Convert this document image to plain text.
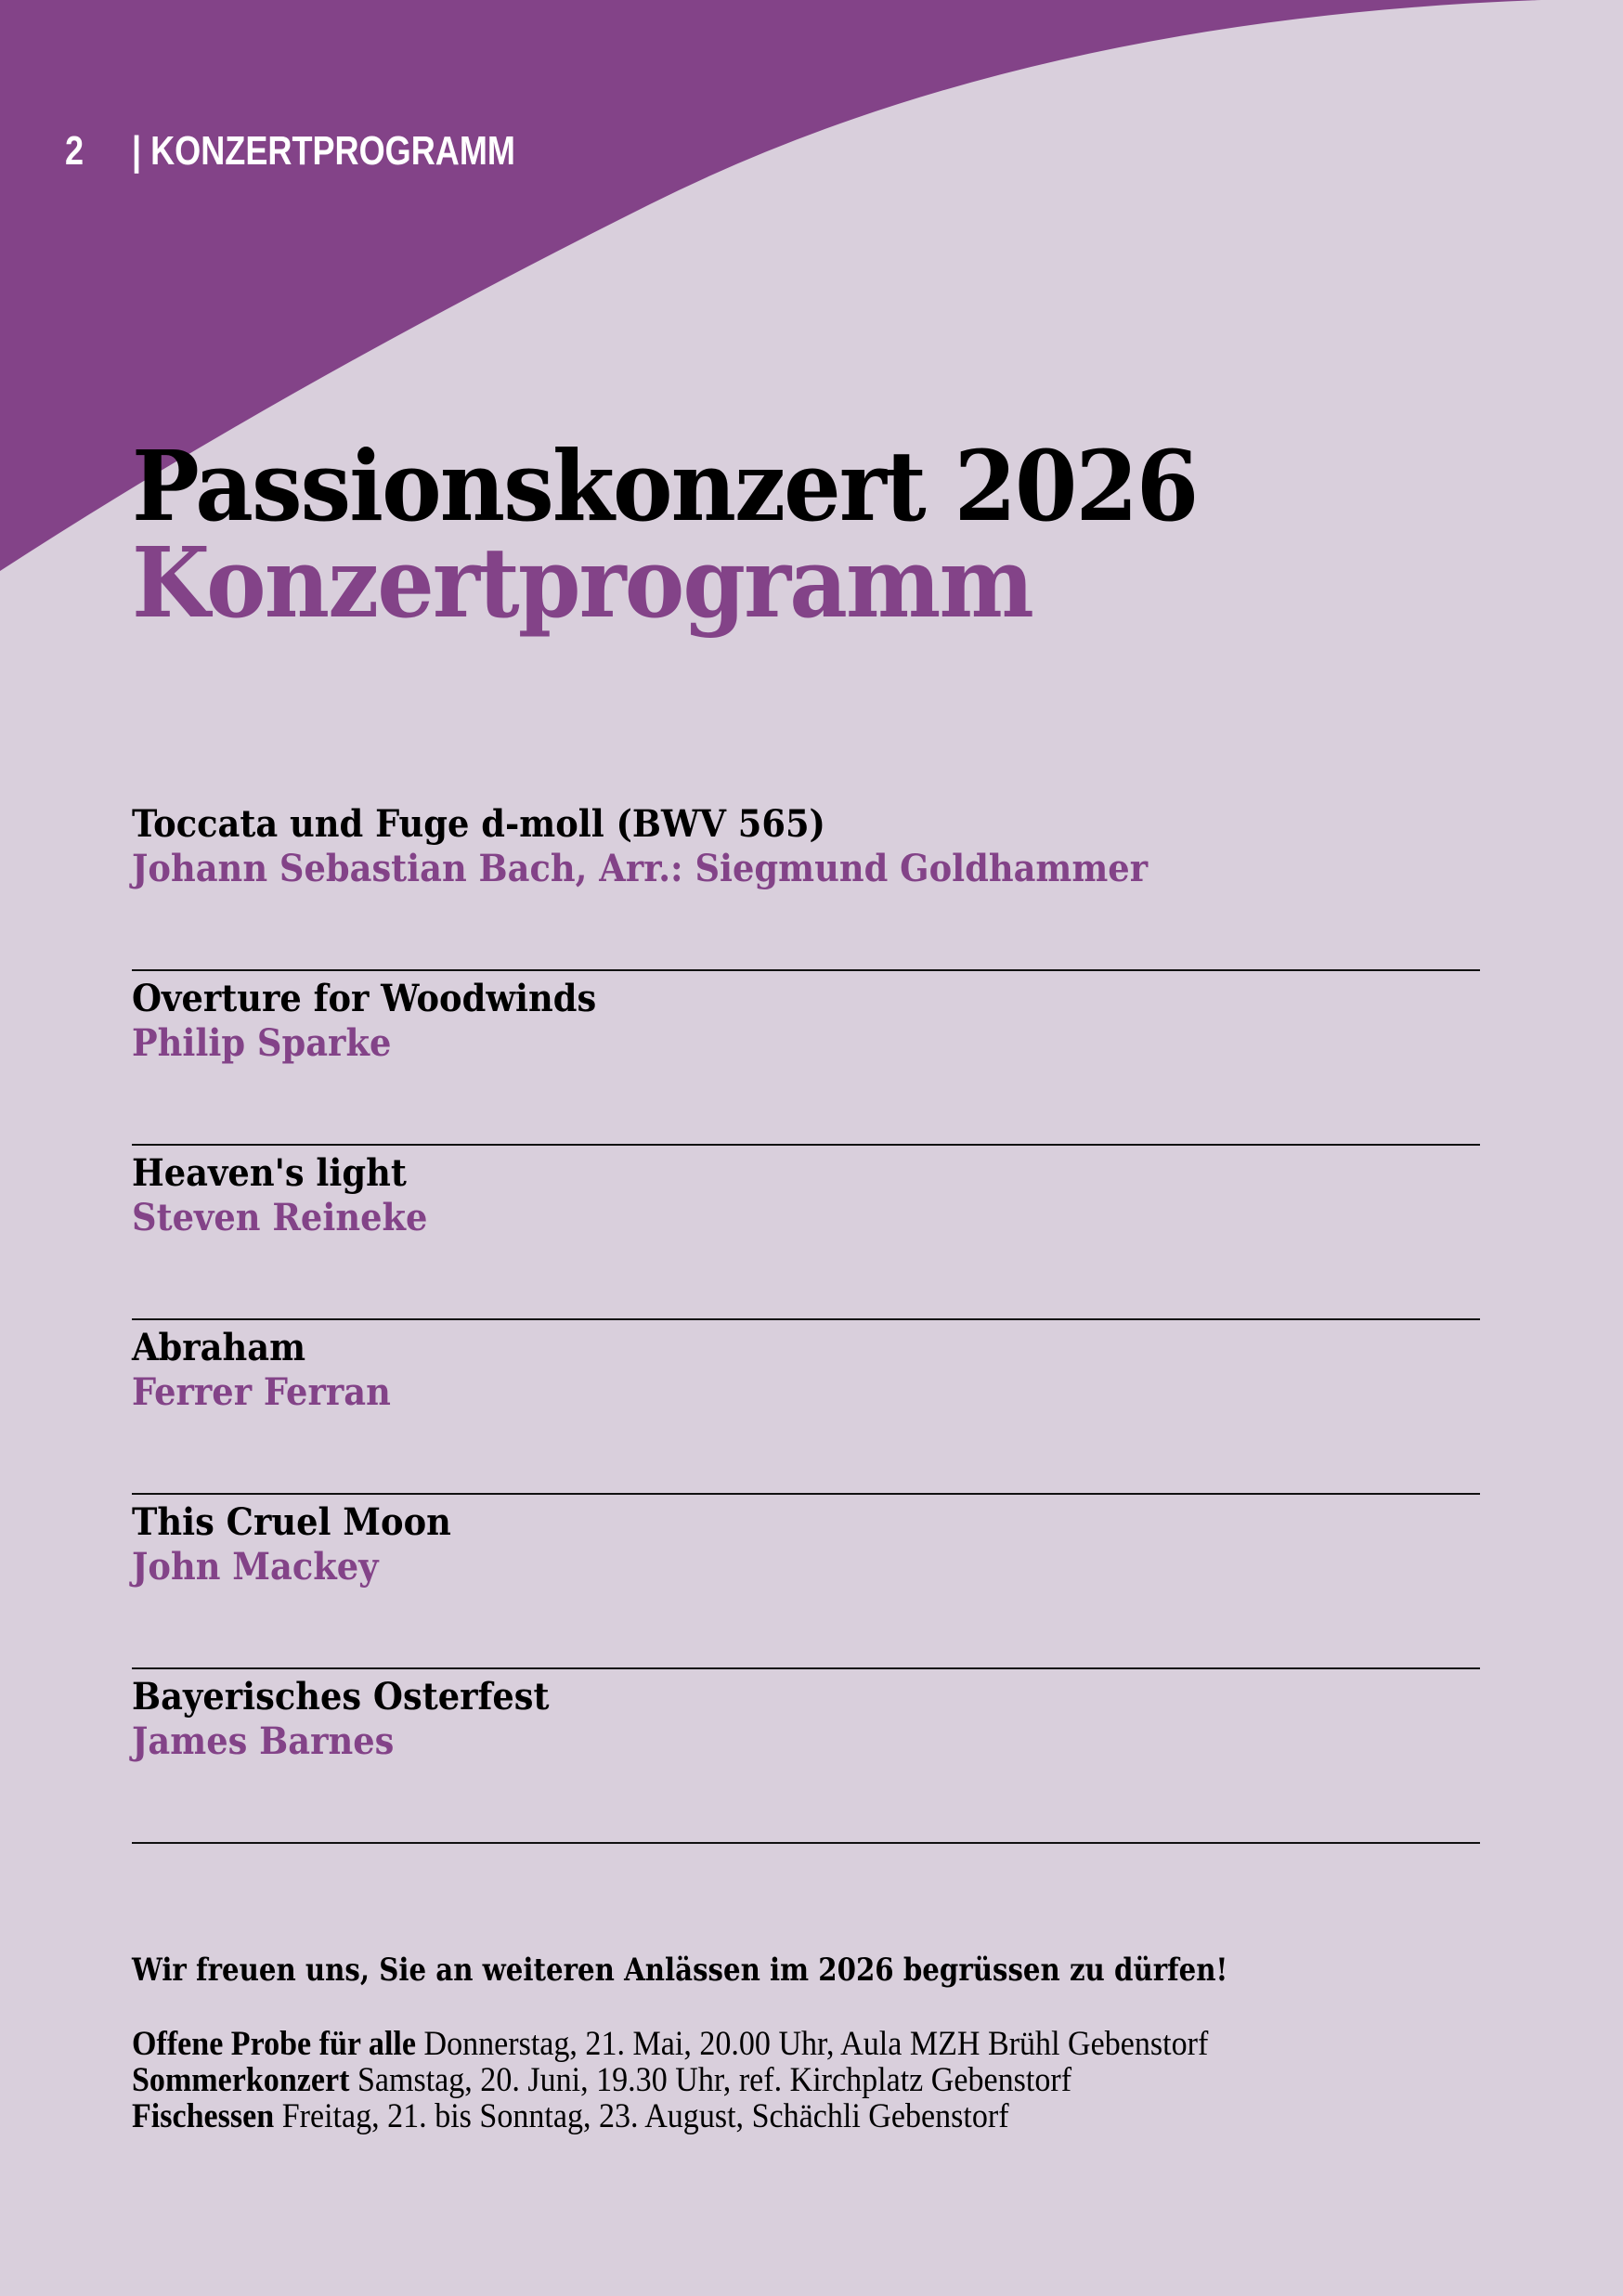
2 | KONZERTPROGRAMM
Passionskonzert 2026
Konzertprogramm
Toccata und Fuge d-moll (BWV 565)
Johann Sebastian Bach, Arr.: Siegmund Goldhammer
Overture for Woodwinds
Philip Sparke
Heaven's light
Steven Reineke
Abraham
Ferrer Ferran
This Cruel Moon
John Mackey
Bayerisches Osterfest
James Barnes
Wir freuen uns, Sie an weiteren Anlässen im 2026 begrüssen zu dürfen!
Offene Probe für alle Donnerstag, 21. Mai, 20.00 Uhr, Aula MZH Brühl Gebenstorf
Sommerkonzert Samstag, 20. Juni, 19.30 Uhr, ref. Kirchplatz Gebenstorf
Fischessen Freitag, 21. bis Sonntag, 23. August, Schächli Gebenstorf
